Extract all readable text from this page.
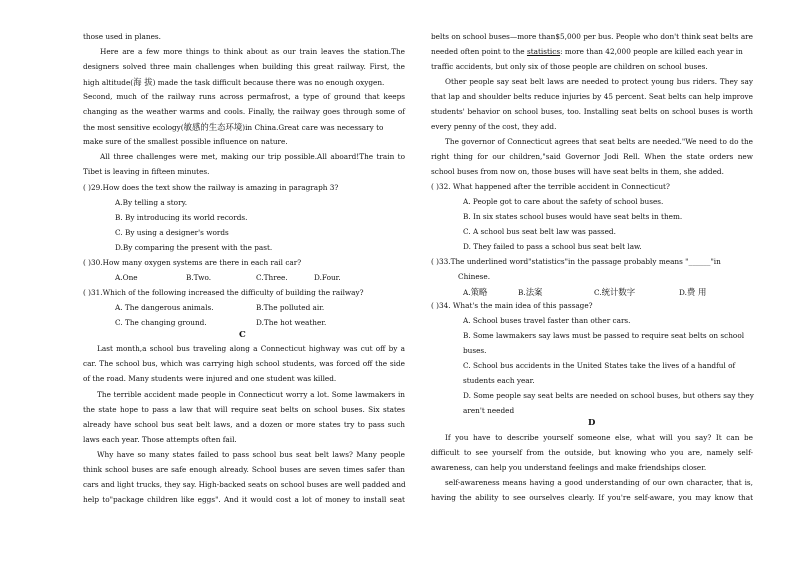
those used in planes.
Here are a few more things to think about as our train leaves the station.The
designers solved three main challenges when building this great railway. First, the
high altitude(海 拔) made the task difficult because there was no enough oxygen.
Second, much of the railway runs across permafrost, a type of ground that keeps
changing as the weather warms and cools. Finally, the railway goes through some of
the most sensitive ecology(敏感的生态环境)in China.Great care was necessary to
make sure of the smallest possible influence on nature.
All three challenges were met, making our trip possible.All aboard!The train to
Tibet is leaving in fifteen minutes.
( )29.How does the text show the railway is amazing in paragraph 3?
A.By telling a story.
B. By introducing its world records.
C. By using a designer's words
D.By comparing the present with the past.
( )30.How many oxygen systems are there in each rail car?
A.One	B.Two.	C.Three.	D.Four.
( )31.Which of the following increased the difficulty of building the railway?
A. The dangerous animals.	B.The polluted air.
C. The changing ground.	D.The hot weather.
C
Last month,a school bus traveling along a Connecticut highway was cut off by a
car. The school bus, which was carrying high school students, was forced off the side
of the road. Many students were injured and one student was killed.
The terrible accident made people in Connecticut worry a lot. Some lawmakers in
the state hope to pass a law that will require seat belts on school buses. Six states
already have school bus seat belt laws, and a dozen or more states try to pass such
laws each year. Those attempts often fail.
Why have so many states failed to pass school bus seat belt laws? Many people
think school buses are safe enough already. School buses are seven times safer than
cars and light trucks, they say. High-backed seats on school buses are well padded and
help to"package children like eggs". And it would cost a lot of money to install seat
belts on school buses—more than$5,000 per bus. People who don't think seat belts are
needed often point to the statistics: more than 42,000 people are killed each year in
traffic accidents, but only six of those people are children on school buses.
Other people say seat belt laws are needed to protect young bus riders. They say
that lap and shoulder belts reduce injuries by 45 percent. Seat belts can help improve
students' behavior on school buses, too. Installing seat belts on school buses is worth
every penny of the cost, they add.
The governor of Connecticut agrees that seat belts are needed."We need to do the
right thing for our children,"said Governor Jodi Rell. When the state orders new
school buses from now on, those buses will have seat belts in them, she added.
( )32. What happened after the terrible accident in Connecticut?
A. People got to care about the safety of school buses.
B. In six states school buses would have seat belts in them.
C. A school bus seat belt law was passed.
D. They failed to pass a school bus seat belt law.
( )33.The underlined word"statistics"in the passage probably means "______"in
Chinese.
A.策略	B.法案	C.统计数字	D.费 用
( )34. What's the main idea of this passage?
A. School buses travel faster than other cars.
B. Some lawmakers say laws must be passed to require seat belts on school
buses.
C. School bus accidents in the United States take the lives of a handful of
students each year.
D. Some people say seat belts are needed on school buses, but others say they
aren't needed
D
If you have to describe yourself someone else, what will you say? It can be
difficult to see yourself from the outside, but knowing who you are, namely self-
awareness, can help you understand feelings and make friendships closer.
self-awareness means having a good understanding of our own character, that is,
having the ability to see ourselves clearly. If you're self-aware, you may know that
